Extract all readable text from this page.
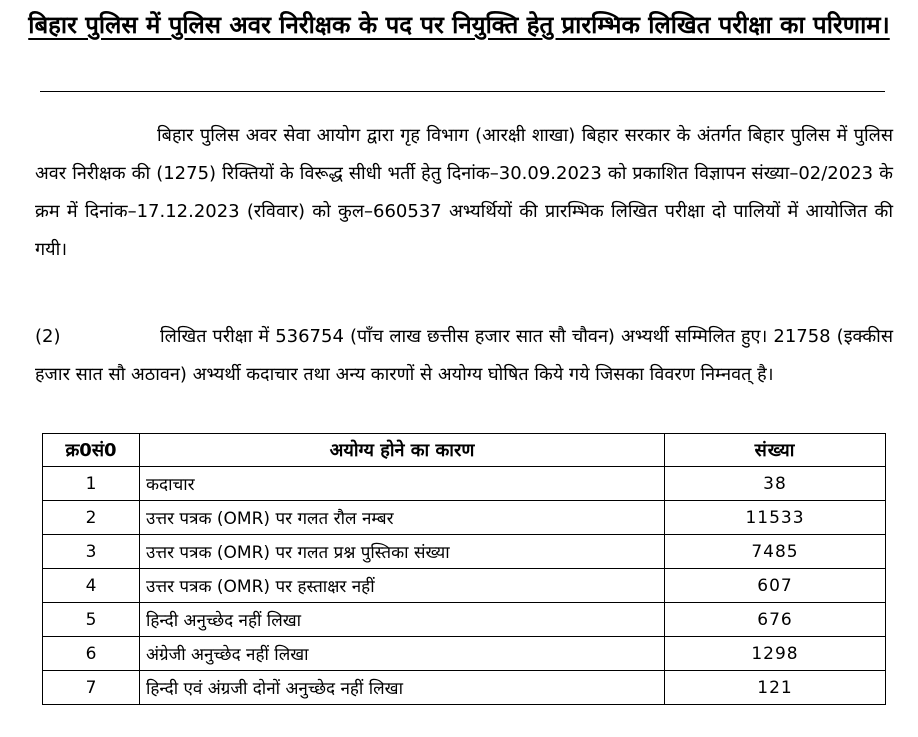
बिहार पुलिस में पुलिस अवर निरीक्षक के पद पर नियुक्ति हेतु प्रारम्भिक लिखित परीक्षा का परिणाम।
बिहार पुलिस अवर सेवा आयोग द्वारा गृह विभाग (आरक्षी शाखा) बिहार सरकार के अंतर्गत बिहार पुलिस में पुलिस अवर निरीक्षक की (1275) रिक्तियों के विरूद्ध सीधी भर्ती हेतु दिनांक–30.09.2023 को प्रकाशित विज्ञापन संख्या–02/2023 के क्रम में दिनांक–17.12.2023 (रविवार) को कुल–660537 अभ्यर्थियों की प्रारम्भिक लिखित परीक्षा दो पालियों में आयोजित की गयी।
(2)	लिखित परीक्षा में 536754 (पाँच लाख छत्तीस हजार सात सौ चौवन) अभ्यर्थी सम्मिलित हुए। 21758 (इक्कीस हजार सात सौ अठावन) अभ्यर्थी कदाचार तथा अन्य कारणों से अयोग्य घोषित किये गये जिसका विवरण निम्नवत् है।
क्र0सं0	अयोग्य होने का कारण	संख्या
1	कदाचार	38
2	उत्तर पत्रक (OMR) पर गलत रौल नम्बर	11533
3	उत्तर पत्रक (OMR) पर गलत प्रश्न पुस्तिका संख्या	7485
4	उत्तर पत्रक (OMR) पर हस्ताक्षर नहीं	607
5	हिन्दी अनुच्छेद नहीं लिखा	676
6	अंग्रेजी अनुच्छेद नहीं लिखा	1298
7	हिन्दी एवं अंग्रजी दोनों अनुच्छेद नहीं लिखा	121
